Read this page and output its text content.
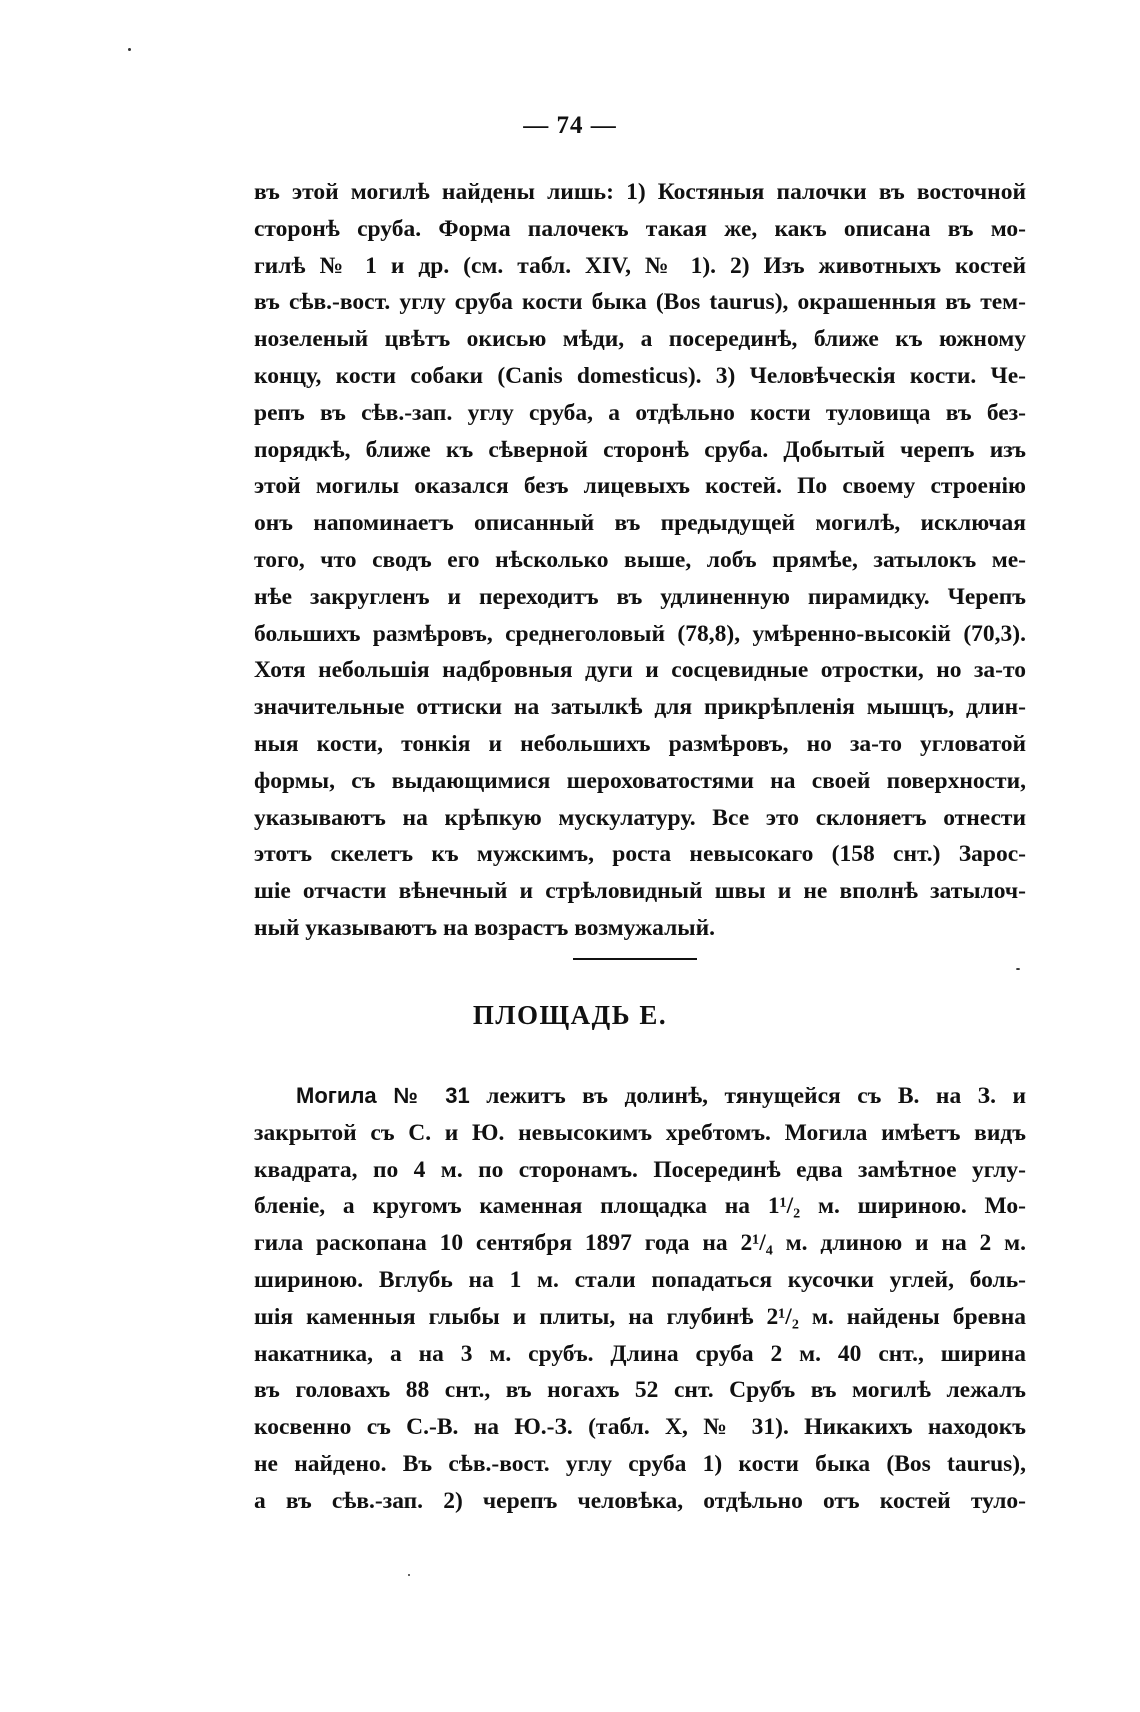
— 74 —
въ этой могилѣ найдены лишь: 1) Костяныя палочки въ восточной
сторонѣ сруба. Форма палочекъ такая же, какъ описана въ мо-
гилѣ № 1 и др. (см. табл. XIV, № 1). 2) Изъ животныхъ костей
въ сѣв.-вост. углу сруба кости быка (Bos taurus), окрашенныя въ тем-
нозеленый цвѣтъ окисью мѣди, а посерединѣ, ближе къ южному
концу, кости собаки (Canis domesticus). 3) Человѣческія кости. Че-
репъ въ сѣв.-зап. углу сруба, а отдѣльно кости туловища въ без-
порядкѣ, ближе къ сѣверной сторонѣ сруба. Добытый черепъ изъ
этой могилы оказался безъ лицевыхъ костей. По своему строенію
онъ напоминаетъ описанный въ предыдущей могилѣ, исключая
того, что сводъ его нѣсколько выше, лобъ прямѣе, затылокъ ме-
нѣе закругленъ и переходитъ въ удлиненную пирамидку. Черепъ
большихъ размѣровъ, среднеголовый (78,8), умѣренно-высокій (70,3).
Хотя небольшія надбровныя дуги и сосцевидные отростки, но за-то
значительные оттиски на затылкѣ для прикрѣпленія мышцъ, длин-
ныя кости, тонкія и небольшихъ размѣровъ, но за-то угловатой
формы, съ выдающимися шероховатостями на своей поверхности,
указываютъ на крѣпкую мускулатуру. Все это склоняетъ отнести
этотъ скелетъ къ мужскимъ, роста невысокаго (158 снт.) Зарос-
шіе отчасти вѣнечный и стрѣловидный швы и не вполнѣ затылоч-
ный указываютъ на возрастъ возмужалый.
ПЛОЩАДЬ Е.
Могила № 31 лежитъ въ долинѣ, тянущейся съ В. на З. и
закрытой съ С. и Ю. невысокимъ хребтомъ. Могила имѣетъ видъ
квадрата, по 4 м. по сторонамъ. Посерединѣ едва замѣтное углу-
бленіе, а кругомъ каменная площадка на 1¹/₂ м. шириною. Мо-
гила раскопана 10 сентября 1897 года на 2¹/₄ м. длиною и на 2 м.
шириною. Вглубь на 1 м. стали попадаться кусочки углей, боль-
шія каменныя глыбы и плиты, на глубинѣ 2¹/₂ м. найдены бревна
накатника, а на 3 м. срубъ. Длина сруба 2 м. 40 снт., ширина
въ головахъ 88 снт., въ ногахъ 52 снт. Срубъ въ могилѣ лежалъ
косвенно съ С.-В. на Ю.-З. (табл. X, № 31). Никакихъ находокъ
не найдено. Въ сѣв.-вост. углу сруба 1) кости быка (Bos taurus),
а въ сѣв.-зап. 2) черепъ человѣка, отдѣльно отъ костей туло-
